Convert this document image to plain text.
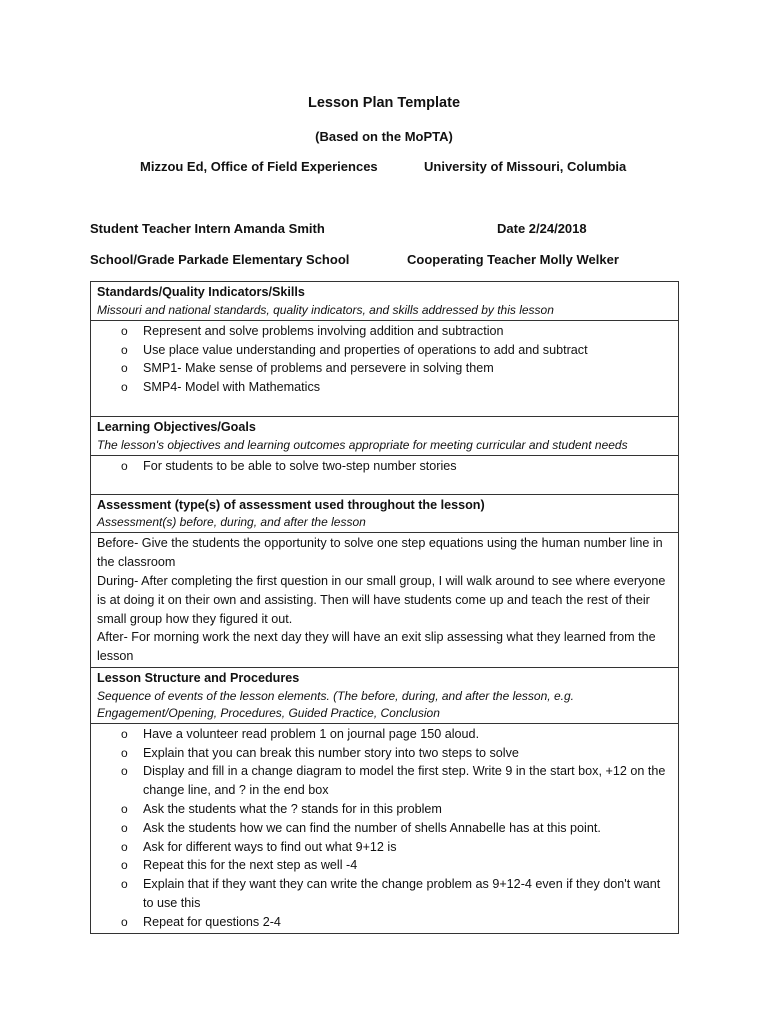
Lesson Plan Template
(Based on the MoPTA)
Mizzou Ed, Office of Field Experiences	University of Missouri, Columbia
Student Teacher Intern Amanda Smith	Date 2/24/2018
School/Grade Parkade Elementary School	Cooperating Teacher Molly Welker
Standards/Quality Indicators/Skills
Missouri and national standards, quality indicators, and skills addressed by this lesson

o Represent and solve problems involving addition and subtraction
o Use place value understanding and properties of operations to add and subtract
o SMP1- Make sense of problems and persevere in solving them
o SMP4- Model with Mathematics

Learning Objectives/Goals
The lesson's objectives and learning outcomes appropriate for meeting curricular and student needs

o For students to be able to solve two-step number stories

Assessment (type(s) of assessment used throughout the lesson)
Assessment(s) before, during, and after the lesson

Before- Give the students the opportunity to solve one step equations using the human number line in the classroom
During- After completing the first question in our small group, I will walk around to see where everyone is at doing it on their own and assisting. Then will have students come up and teach the rest of their small group how they figured it out.
After- For morning work the next day they will have an exit slip assessing what they learned from the lesson

Lesson Structure and Procedures
Sequence of events of the lesson elements. (The before, during, and after the lesson, e.g. Engagement/Opening, Procedures, Guided Practice, Conclusion

o Have a volunteer read problem 1 on journal page 150 aloud.
o Explain that you can break this number story into two steps to solve
o Display and fill in a change diagram to model the first step. Write 9 in the start box, +12 on the change line, and ? in the end box
o Ask the students what the ? stands for in this problem
o Ask the students how we can find the number of shells Annabelle has at this point.
o Ask for different ways to find out what 9+12 is
o Repeat this for the next step as well -4
o Explain that if they want they can write the change problem as 9+12-4 even if they don't want to use this
o Repeat for questions 2-4
